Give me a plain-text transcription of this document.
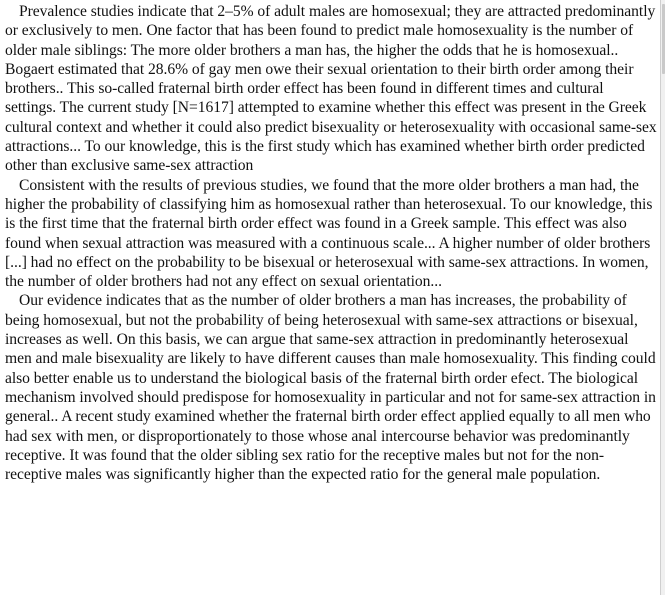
Prevalence studies indicate that 2–5% of adult males are homosexual; they are attracted predominantly or exclusively to men. One factor that has been found to predict male homosexuality is the number of older male siblings: The more older brothers a man has, the higher the odds that he is homosexual.. Bogaert estimated that 28.6% of gay men owe their sexual orientation to their birth order among their brothers.. This so-called fraternal birth order effect has been found in different times and cultural settings. The current study [N=1617] attempted to examine whether this effect was present in the Greek cultural context and whether it could also predict bisexuality or heterosexuality with occasional same-sex attractions... To our knowledge, this is the first study which has examined whether birth order predicted other than exclusive same-sex attraction

Consistent with the results of previous studies, we found that the more older brothers a man had, the higher the probability of classifying him as homosexual rather than heterosexual. To our knowledge, this is the first time that the fraternal birth order effect was found in a Greek sample. This effect was also found when sexual attraction was measured with a continuous scale... A higher number of older brothers [...] had no effect on the probability to be bisexual or heterosexual with same-sex attractions. In women, the number of older brothers had not any effect on sexual orientation...

Our evidence indicates that as the number of older brothers a man has increases, the probability of being homosexual, but not the probability of being heterosexual with same-sex attractions or bisexual, increases as well. On this basis, we can argue that same-sex attraction in predominantly heterosexual men and male bisexuality are likely to have different causes than male homosexuality. This finding could also better enable us to understand the biological basis of the fraternal birth order efect. The biological mechanism involved should predispose for homosexuality in particular and not for same-sex attraction in general.. A recent study examined whether the fraternal birth order effect applied equally to all men who had sex with men, or disproportionately to those whose anal intercourse behavior was predominantly receptive. It was found that the older sibling sex ratio for the receptive males but not for the non-receptive males was significantly higher than the expected ratio for the general male population.
